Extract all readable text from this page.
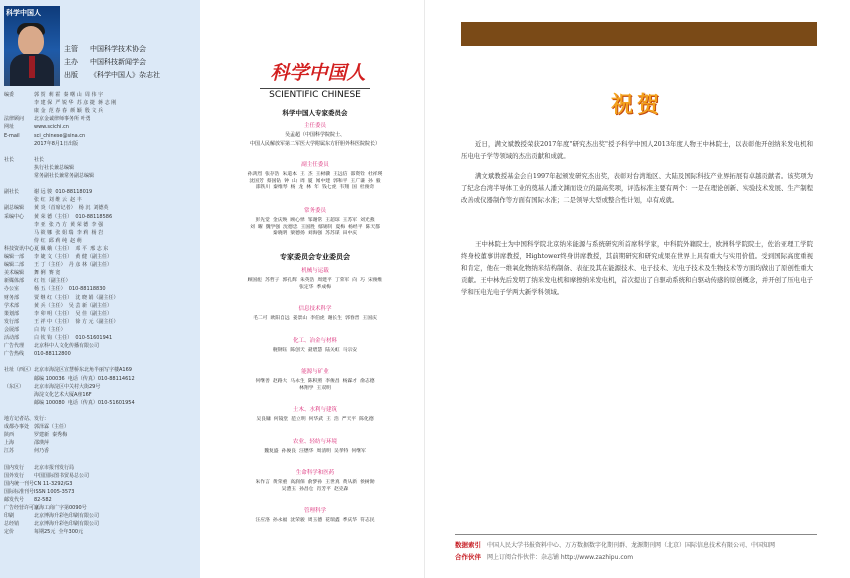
科学中国人
主管 中国科学技术协会
主办 中国科技新闻学会
出版 《科学中国人》杂志社
编委	郭 贺  莉 霍  秦 曙 山  周 伟 宇
李 建 保  严 锐 华  苏 彦 捷  蒋 志 刚
康 金  范 春 春  颜 颖  殷 文 兵
法律顾问	北京金诚律师事务所 叶勇
网址	www.scichi.cn
E-mail	sci_chinese@sina.cn
2017年8月1日出版
社长	社长
执行社长兼总编辑
常务副社长兼常务副总编辑
副社长	谢 远 骏  010-88118019
张 红  刘 维 云  赵 丰
副总编辑	黄 炎（首席记者）  杨 沉  刘德英
采编中心	黄 荣 德（主任）  010-88118586
李 亚  张 乃 方  黄 荣 德  李 强
马 筱 娜  张 姐 瑞  李 莉  杨 岩
侍 红  邱 莉 纯  赵 萌
科技资讯中心 夏 佩 娥（主任）  邓 平  邢 志 东
编辑一部	李 婕 文（主任）  黄 健（副主任）
编辑二部	王 丁（主任）  丹 彦 林（副主任）
美术编辑	舞 俐  赛 宽
新媒体部	红 钰（副主任）
办公室	杨 五（主任）  010-88118830
财务部	贾 继 红（主任）  沈 晓 娟（副主任）
学术部	黄 兵（主任）  吴 芸 新（副主任）
策划部	李 卯 明（主任）  吴 佳（副主任）
发行部	王 祥 中（主任）  徐 方 元（副主任）
会展部	白 钩（主任）
活动部	白 钦 钩（主任）  010-51601941
广告代理	北京科中人文化传播有限公司
广告热线	010-88112800
社址（西区） 北京市海淀区宣慧桥东北角半丽写字楼A169
邮编 100036  电话（传真）010-88114612
（东区）	北京市海淀区中关村大街29号
海淀文化艺术大厦A座16F
邮编 100080  电话（传真）010-51601954
地方记者站、发行：
成都办事处 郭泽霖（主任）
陕西	罗建新  秦秀梅
上海	邵瑛萍
江苏	何乃香
国内发行	北京市报刊发行局
国外发行	中国国际图书贸易总公司
国内统一刊号 CN 11-3292/G3
国际标准刊号 ISSN 1005-3573
邮发代号	82-582
广告经营许可证
京海工商广字第0090号
印刷	北京博海升彩色印刷有限公司
总经销	北京博海升彩色印刷有限公司
定价	每期25元  全年300元
科学中国人
SCIENTIFIC CHINESE
科学中国人专家委员会
主任委员
吴孟超（中国科学院院士、
中国人民解放军第二军医大学附属东方肝胆外科医院院长）
副主任委员
孙鸿烈  张存浩  朱道本  王  杰  王树骥  王远信  邵资铨  杜祥瑛
沈国芳  蔡国钻  钟  山  周  厦  闻中建  郭和平  王广谦  孙  毅
邵铁川  秦维琴  杨  龙  林  年  钱七虎  韦翔  国  杜俊奇
常务委员
彭先觉  金庆焕  顾心怿  邹谢常  王超琼  王苏军  刘光燕
刘  曜  魏学强  沈德忠  王国胜  鄢锡钊  夏梅  杨经平  陈天都
秦晓明  梁德扬  刘海强  苏苏谋  田中庆
专家委员会专业委员会
机械与运载
顾国彪  苏哲子  郭孔辉  朱英浩  周建平  丁荣军  向  巧  宋俊维
张定华  季成梅
信息技术科学
毛二可  欧阳自远  姜景山  李伯虎  谢长生  郭春晋  王国庆
化工、冶金与材料
舰钢钰  陈创天  聂碧慧  陆关虹  马宗安
能源与矿业
何继善  赵路大  马永生  陈积照  李俊昌  杨霖才  俞志德
林翔学  王双明
土木、水利与建筑
吴良镛  何镜堂  范立明  何华武  王  浩  严天平  陈化德
农业、轻纺与环境
魏复盛  孙俊良  汪懋华  周清明  吴孝特  何继军
生命科学和医药
朱作言  黄荣重  高润保  俞梦孙  王世真  黄从新  侯树勋
吴澧玉  孙昌仓  肖芳平  赵克森
管理科学
汪应洛  孙永福  沈荣骏  周玉德  花瑞鑫  季庆华  符志民
祝贺
近日，满文斌教授荣获2017年度"研究杰出奖"授予科学中国人2013年度人物王中林院士，以表彰他开创纳米发电机和压电电子学等领域的杰出贡献和成就。
满文斌教授基金会自1997年起颁发研究杰出奖，表彰对台湾地区、大陆及国际科技产业界拓展有卓越贡献者。该奖项为了纪念台湾半导体工业的奠基人潘文渊而设立的最高奖项，评选标准主要有两个：一是在理论创新、实验技术发展、生产制程改善或仪器制作等方面有国际水准；二是领导大型或整合性计划，卓有成就。
王中林院士为中国科学院北京纳米能源与系统研究所首席科学家，中科院外籍院士，欧洲科学院院士，佐治亚理工学院终身校董事讲席教授，Hightower终身讲席教授，其前期研究和研究成果在世界上具有重大与实用价值。受到国际高度重视和肯定，他在一维氧化物纳米结构制备、表征及其在能源技术、电子技术、光电子技术及生物技术等方面均做出了原创性重大贡献。王中林先后发明了纳米发电机和摩擦纳米发电机，首次提出了自驱动系统和自驱动传感的原创概念，并开创了压电电子学和压电光电子学两大新学科领域。
数据索引 中国人民大学书报资料中心、万方数据数字化期刊群、龙源期刊网（北京）国际信息技术有限公司、中国知网
合作伙伴 网上订阅合作伙伴：杂志铺 http://www.zazhipu.com
